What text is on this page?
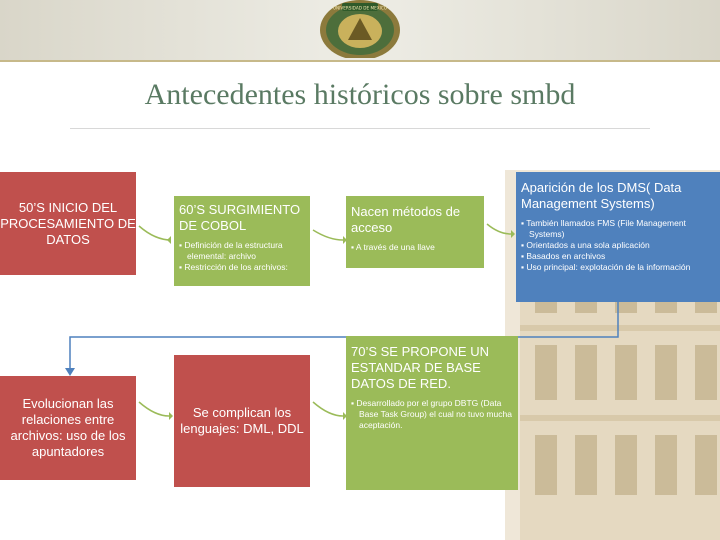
UNIVERSIDAD DE MEXICO
Antecedentes históricos sobre smbd
50’S INICIO DEL PROCESAMIENTO DE DATOS

60’S SURGIMIENTO DE COBOL

▪ Definición de la estructura elemental: archivo
▪ Restricción de los archivos:

Nacen métodos de acceso

▪ A través de una llave

Aparición de los DMS( Data Management Systems)

▪ También llamados FMS (File Management Systems)
▪ Orientados a una sola aplicación
▪ Basados en archivos
▪ Uso principal: explotación de la información
Evolucionan las relaciones entre archivos: uso de los apuntadores
Se complican los lenguajes: DML, DDL

70’S SE PROPONE UN ESTANDAR DE BASE DATOS DE RED.

▪ Desarrollado por el grupo DBTG (Data Base Task Group) el cual no tuvo mucha aceptación.
